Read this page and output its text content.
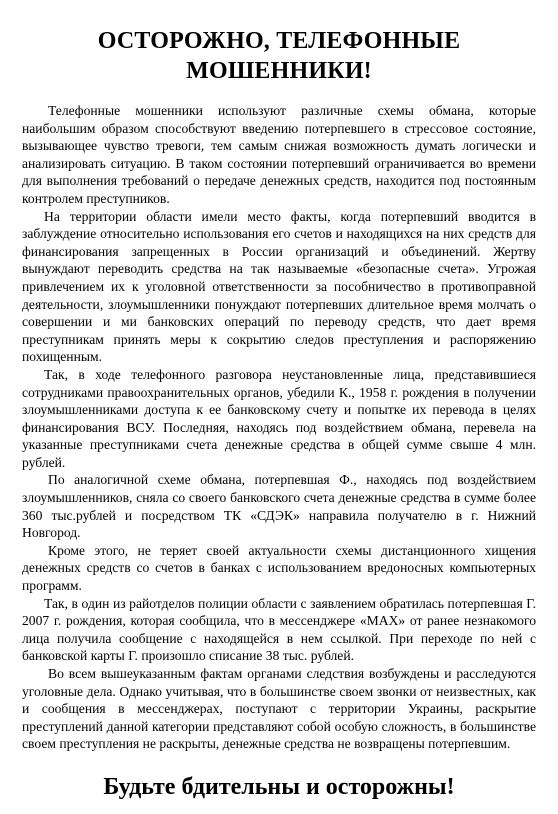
ОСТОРОЖНО, ТЕЛЕФОННЫЕ
МОШЕННИКИ!

Телефонные мошенники используют различные схемы обмана, которые наибольшим образом способствуют введению потерпевшего в стрессовое состояние, вызывающее чувство тревоги, тем самым снижая возможность думать логически и анализировать ситуацию. В таком состоянии потерпевший ограничивается во времени для выполнения требований о передаче денежных средств, находится под постоянным контролем преступников.

На территории области имели место факты, когда потерпевший вводится в заблуждение относительно использования его счетов и находящихся на них средств для финансирования запрещенных в России организаций и объединений. Жертву вынуждают переводить средства на так называемые «безопасные счета». Угрожая привлечением их к уголовной ответственности за пособничество в противоправной деятельности, злоумышленники понуждают потерпевших длительное время молчать о совершении и ми банковских операций по переводу средств, что дает время преступникам принять меры к сокрытию следов преступления и распоряжению похищенным.

Так, в ходе телефонного разговора неустановленные лица, представившиеся сотрудниками правоохранительных органов, убедили К., 1958 г. рождения в получении злоумышленниками доступа к ее банковскому счету и попытке их перевода в целях финансирования ВСУ. Последняя, находясь под воздействием обмана, перевела на указанные преступниками счета денежные средства в общей сумме свыше 4 млн. рублей.

По аналогичной схеме обмана, потерпевшая Ф., находясь под воздействием злоумышленников, сняла со своего банковского счета денежные средства в сумме более 360 тыс.рублей и посредством ТК «СДЭК» направила получателю в г. Нижний Новгород.

Кроме этого, не теряет своей актуальности схемы дистанционного хищения денежных средств со счетов в банках с использованием вредоносных компьютерных программ.

Так, в один из райотделов полиции области с заявлением обратилась потерпевшая Г. 2007 г. рождения, которая сообщила, что в мессенджере «MAX» от ранее незнакомого лица получила сообщение с находящейся в нем ссылкой. При переходе по ней с банковской карты Г. произошло списание 38 тыс. рублей.

Во всем вышеуказанным фактам органами следствия возбуждены и расследуются уголовные дела. Однако учитывая, что в большинстве своем звонки от неизвестных, как и сообщения в мессенджерах, поступают с территории Украины, раскрытие преступлений данной категории представляют собой особую сложность, в большинстве своем преступления не раскрыты, денежные средства не возвращены потерпевшим.

Будьте бдительны и осторожны!
